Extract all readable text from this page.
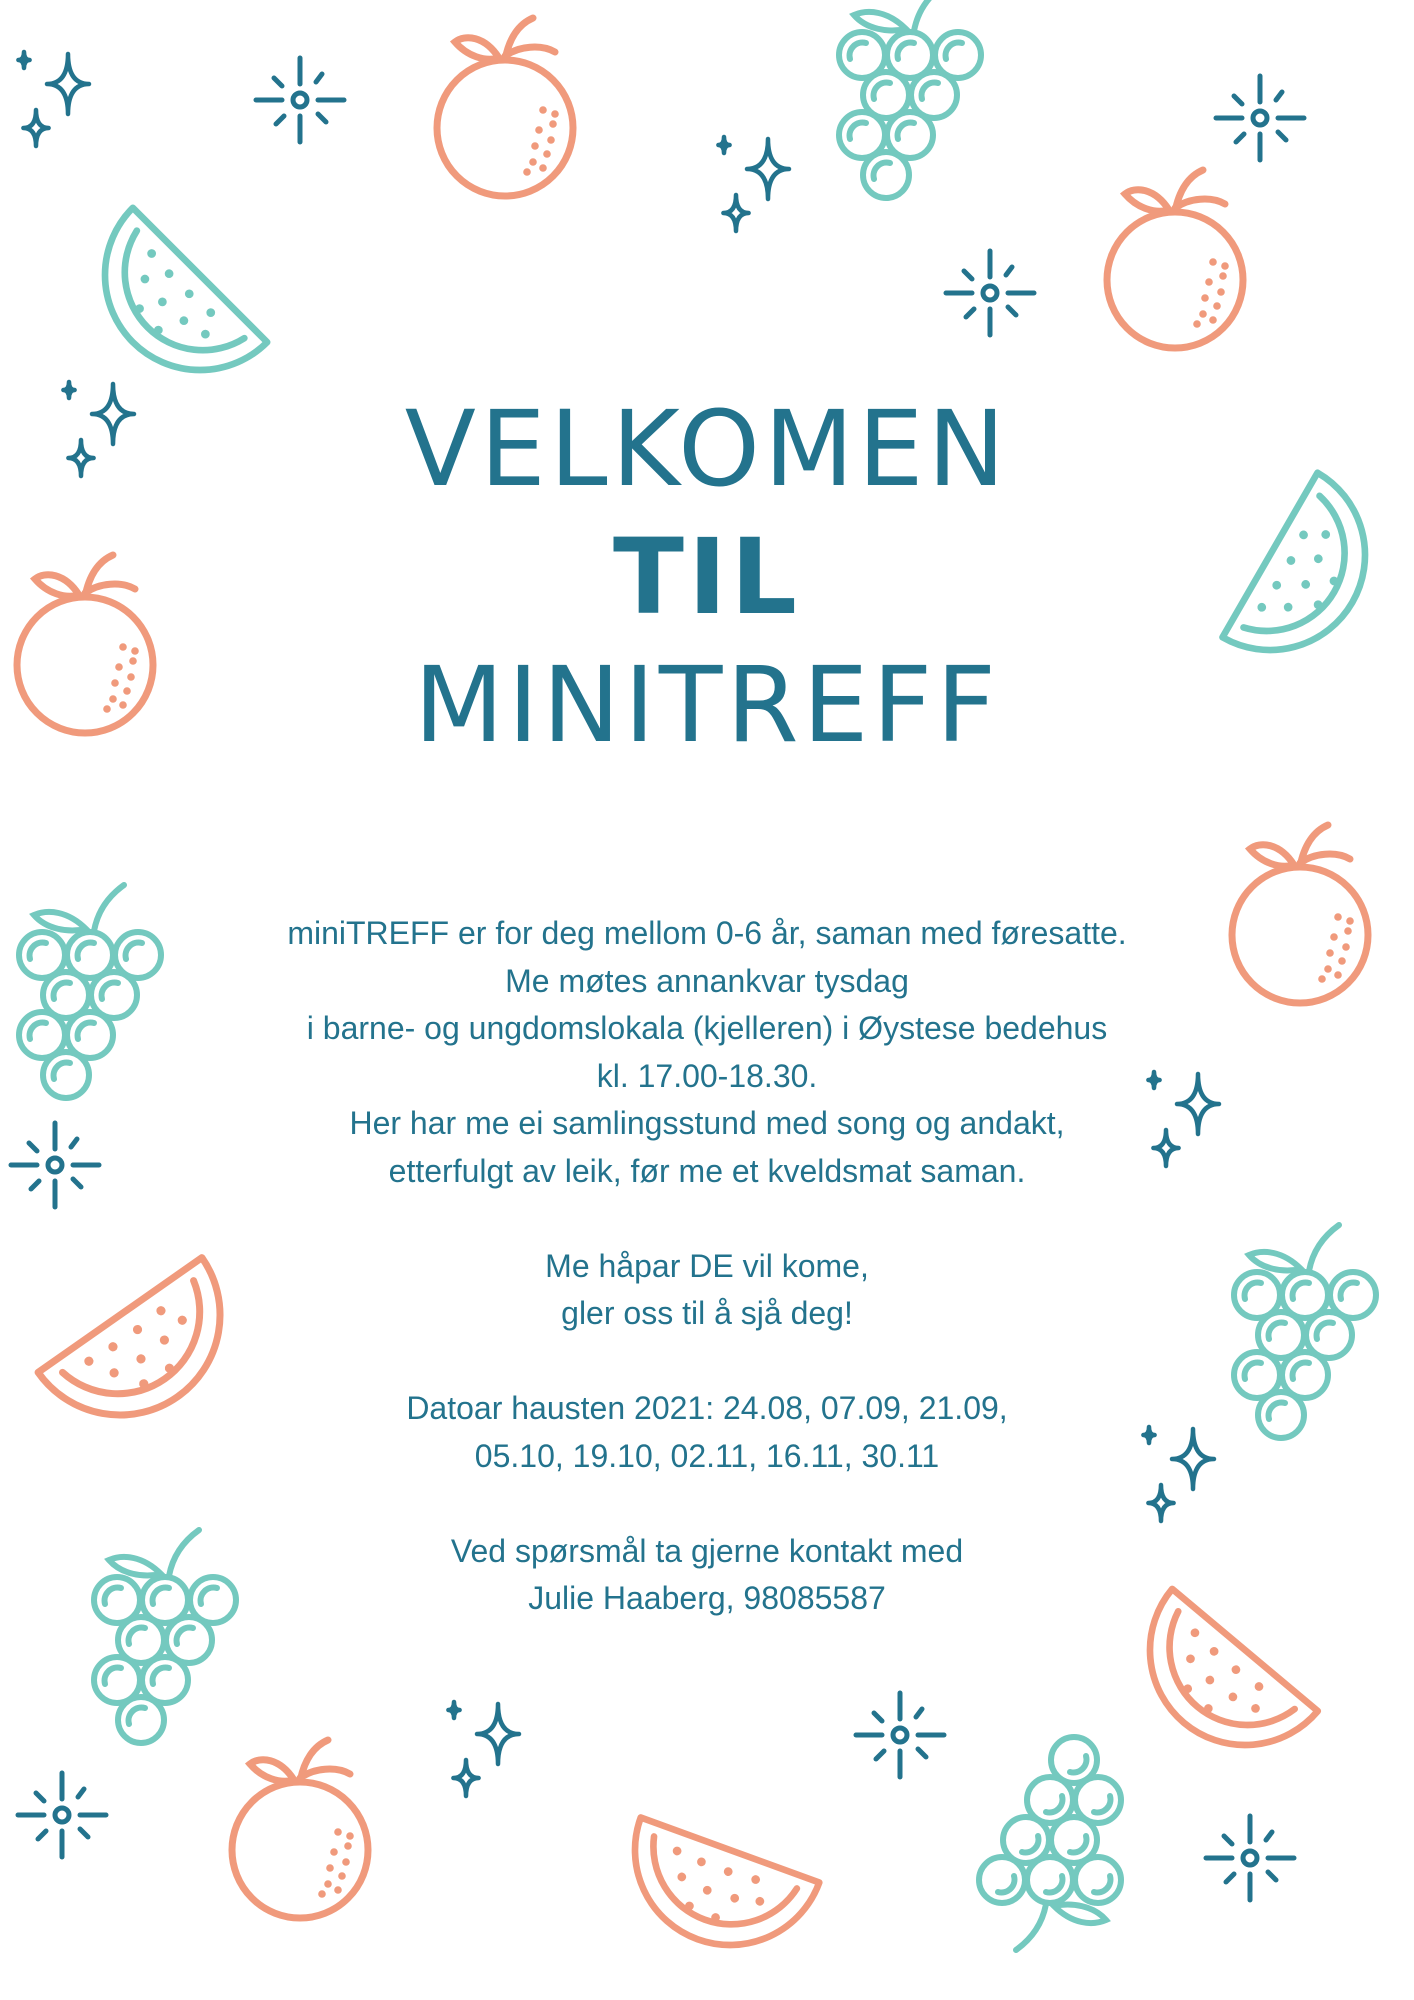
VELKOMEN
TIL
MINITREFF
miniTREFF er for deg mellom 0-6 år, saman med føresatte.
Me møtes annankvar tysdag
i barne- og ungdomslokala (kjelleren) i Øystese bedehus
kl. 17.00-18.30.
Her har me ei samlingsstund med song og andakt,
etterfulgt av leik, før me et kveldsmat saman.
Me håpar DE vil kome,
gler oss til å sjå deg!
Datoar hausten 2021: 24.08, 07.09, 21.09,
05.10, 19.10, 02.11, 16.11, 30.11
Ved spørsmål ta gjerne kontakt med
Julie Haaberg, 98085587
